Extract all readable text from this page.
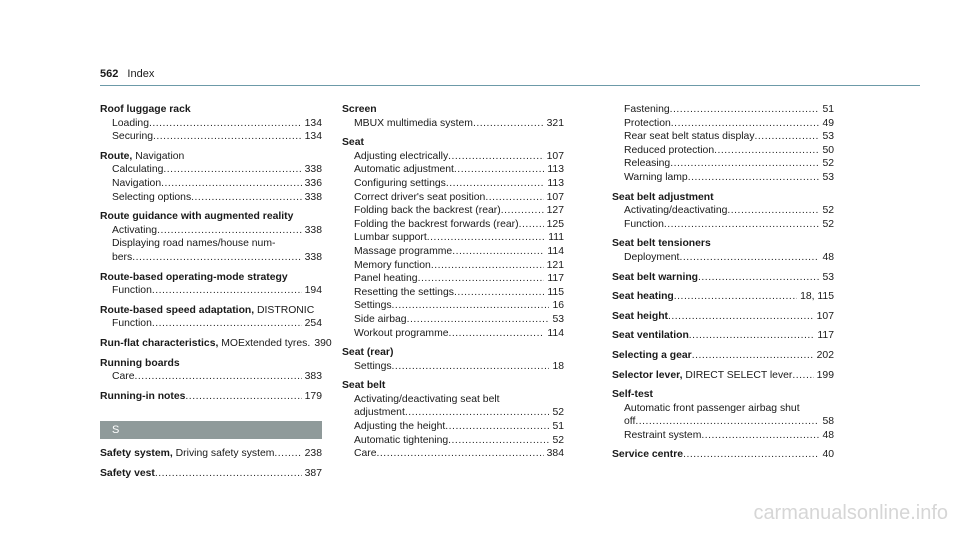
562 Index
Roof luggage rack
Loading .....	134
Securing .....	134
Route, Navigation
Calculating .....	338
Navigation .....	336
Selecting options .....	338
Route guidance with augmented reality
Activating .....	338
Displaying road names/house num-
bers .....	338
Route-based operating-mode strategy
Function .....	194
Route-based speed adaptation, DISTRONIC
Function .....	254
Run-flat characteristics, MOExtended tyres ..... 390
Running boards
Care .....	383
Running-in notes .....	179
S
Safety system, Driving safety system .....	238
Safety vest .....	387
Screen
MBUX multimedia system .....	321
Seat
Adjusting electrically .....	107
Automatic adjustment .....	113
Configuring settings .....	113
Correct driver's seat position .....	107
Folding back the backrest (rear) .....	127
Folding the backrest forwards (rear) .....	125
Lumbar support .....	111
Massage programme .....	114
Memory function .....	121
Panel heating .....	117
Resetting the settings .....	115
Settings .....	16
Side airbag .....	53
Workout programme .....	114
Seat (rear)
Settings .....	18
Seat belt
Activating/deactivating seat belt
adjustment .....	52
Adjusting the height .....	51
Automatic tightening .....	52
Care .....	384
Fastening .....	51
Protection .....	49
Rear seat belt status display .....	53
Reduced protection .....	50
Releasing .....	52
Warning lamp .....	53
Seat belt adjustment
Activating/deactivating .....	52
Function .....	52
Seat belt tensioners
Deployment .....	48
Seat belt warning .....	53
Seat heating .....	18, 115
Seat height .....	107
Seat ventilation .....	117
Selecting a gear .....	202
Selector lever, DIRECT SELECT lever ..... 199
Self-test
Automatic front passenger airbag shut
off .....	58
Restraint system .....	48
Service centre .....	40
carmanualsonline.info
